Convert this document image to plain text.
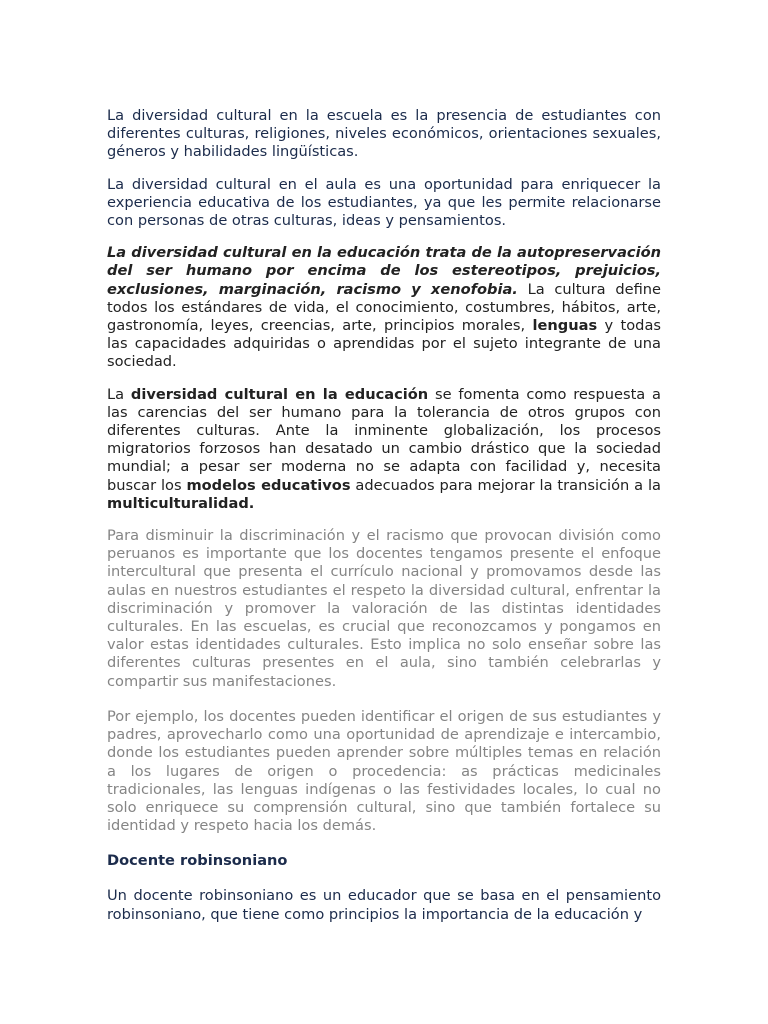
La diversidad cultural en la escuela es la presencia de estudiantes con diferentes culturas, religiones, niveles económicos, orientaciones sexuales, géneros y habilidades lingüísticas.

La diversidad cultural en el aula es una oportunidad para enriquecer la experiencia educativa de los estudiantes, ya que les permite relacionarse con personas de otras culturas, ideas y pensamientos.

La diversidad cultural en la educación trata de la autopreservación del ser humano por encima de los estereotipos, prejuicios, exclusiones, marginación, racismo y xenofobia. La cultura define todos los estándares de vida, el conocimiento, costumbres, hábitos, arte, gastronomía, leyes, creencias, arte, principios morales, lenguas y todas las capacidades adquiridas o aprendidas por el sujeto integrante de una sociedad.

La diversidad cultural en la educación se fomenta como respuesta a las carencias del ser humano para la tolerancia de otros grupos con diferentes culturas. Ante la inminente globalización, los procesos migratorios forzosos han desatado un cambio drástico que la sociedad mundial; a pesar ser moderna no se adapta con facilidad y, necesita buscar los modelos educativos adecuados para mejorar la transición a la multiculturalidad.

Para disminuir la discriminación y el racismo que provocan división como peruanos es importante que los docentes tengamos presente el enfoque intercultural que presenta el currículo nacional y promovamos desde las aulas en nuestros estudiantes el respeto la diversidad cultural, enfrentar la discriminación y promover la valoración de las distintas identidades culturales. En las escuelas, es crucial que reconozcamos y pongamos en valor estas identidades culturales. Esto implica no solo enseñar sobre las diferentes culturas presentes en el aula, sino también celebrarlas y compartir sus manifestaciones.

Por ejemplo, los docentes pueden identificar el origen de sus estudiantes y padres, aprovecharlo como una oportunidad de aprendizaje e intercambio, donde los estudiantes pueden aprender sobre múltiples temas en relación a los lugares de origen o procedencia: as prácticas medicinales tradicionales, las lenguas indígenas o las festividades locales, lo cual no solo enriquece su comprensión cultural, sino que también fortalece su identidad y respeto hacia los demás.

Docente robinsoniano

Un docente robinsoniano es un educador que se basa en el pensamiento robinsoniano, que tiene como principios la importancia de la educación y
